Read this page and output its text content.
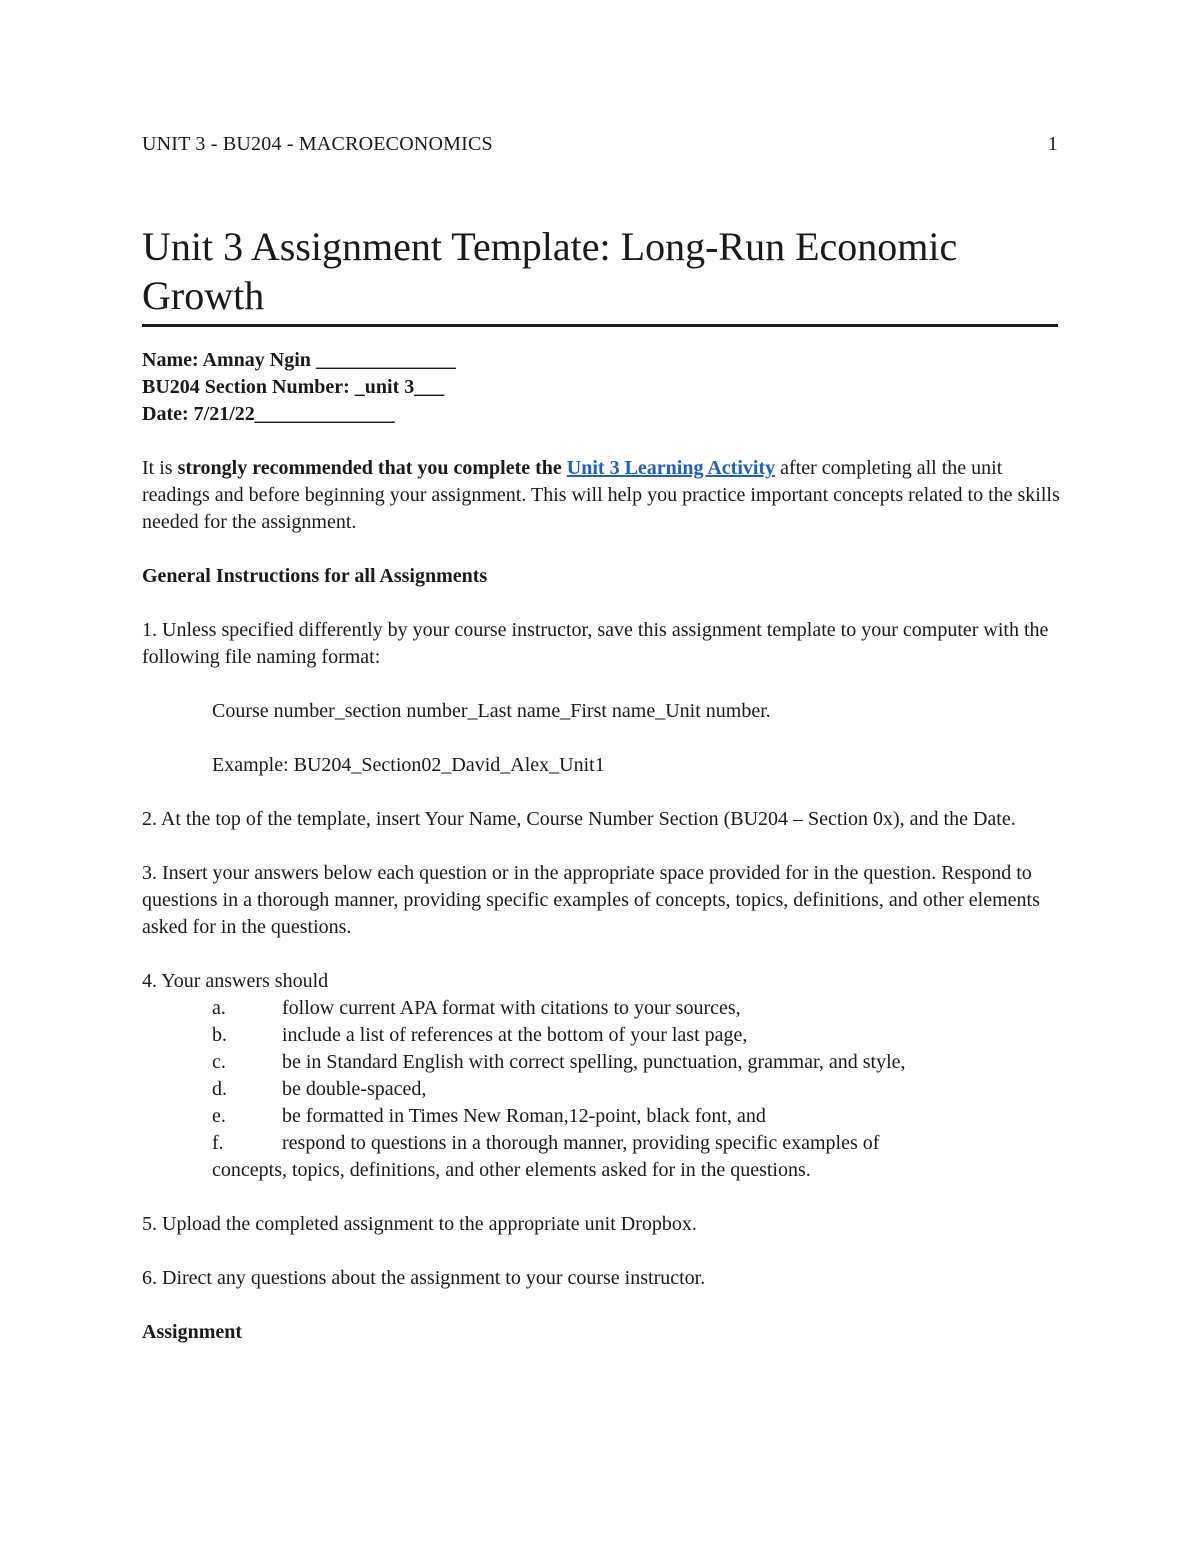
UNIT 3 - BU204 - MACROECONOMICS	1
Unit 3 Assignment Template: Long-Run Economic Growth

Name: Amnay Ngin ______________

BU204 Section Number: _unit 3___

Date: 7/21/22______________

It is strongly recommended that you complete the Unit 3 Learning Activity after completing all the unit readings and before beginning your assignment. This will help you practice important concepts related to the skills needed for the assignment.

General Instructions for all Assignments

1. Unless specified differently by your course instructor, save this assignment template to your computer with the following file naming format:

Course number_section number_Last name_First name_Unit number.

Example: BU204_Section02_David_Alex_Unit1

2. At the top of the template, insert Your Name, Course Number Section (BU204 – Section 0x), and the Date.

3. Insert your answers below each question or in the appropriate space provided for in the question. Respond to questions in a thorough manner, providing specific examples of concepts, topics, definitions, and other elements asked for in the questions.

4. Your answers should

a.	follow current APA format with citations to your sources,
b.	include a list of references at the bottom of your last page,
c.	be in Standard English with correct spelling, punctuation, grammar, and style,
d.	be double-spaced,
e.	be formatted in Times New Roman,12-point, black font, and
f.	respond to questions in a thorough manner, providing specific examples of

concepts, topics, definitions, and other elements asked for in the questions.

5. Upload the completed assignment to the appropriate unit Dropbox.

6. Direct any questions about the assignment to your course instructor.

Assignment
